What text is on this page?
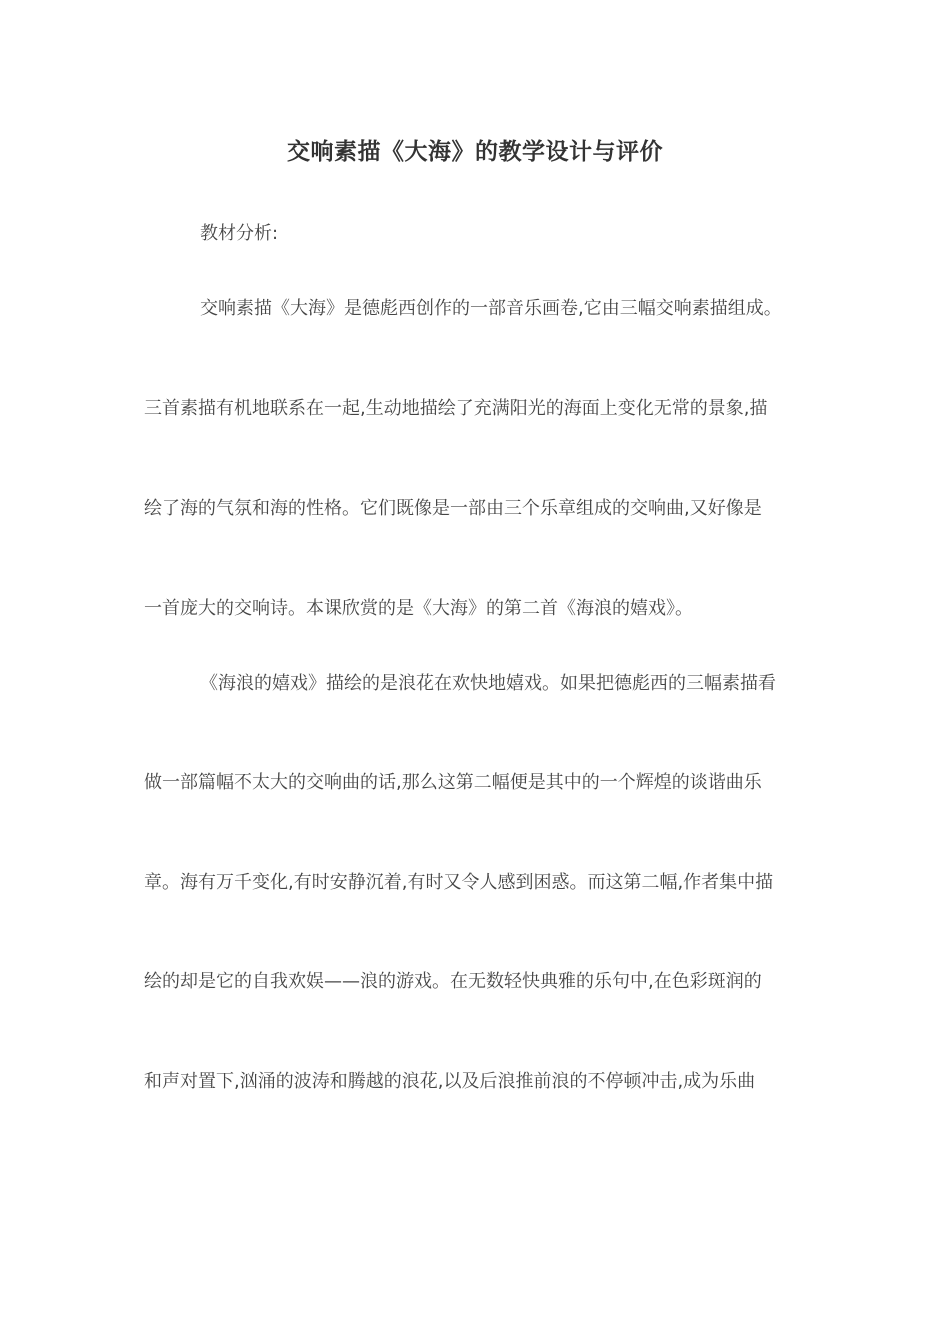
交响素描《大海》的教学设计与评价
教材分析:
交响素描《大海》是德彪西创作的一部音乐画卷,它由三幅交响素描组成。
三首素描有机地联系在一起,生动地描绘了充满阳光的海面上变化无常的景象,描
绘了海的气氛和海的性格。它们既像是一部由三个乐章组成的交响曲,又好像是
一首庞大的交响诗。本课欣赏的是《大海》的第二首《海浪的嬉戏》。
《海浪的嬉戏》描绘的是浪花在欢快地嬉戏。如果把德彪西的三幅素描看
做一部篇幅不太大的交响曲的话,那么这第二幅便是其中的一个辉煌的谈谐曲乐
章。海有万千变化,有时安静沉着,有时又令人感到困惑。而这第二幅,作者集中描
绘的却是它的自我欢娱——浪的游戏。在无数轻快典雅的乐句中,在色彩斑润的
和声对置下,汹涌的波涛和腾越的浪花,以及后浪推前浪的不停顿冲击,成为乐曲
